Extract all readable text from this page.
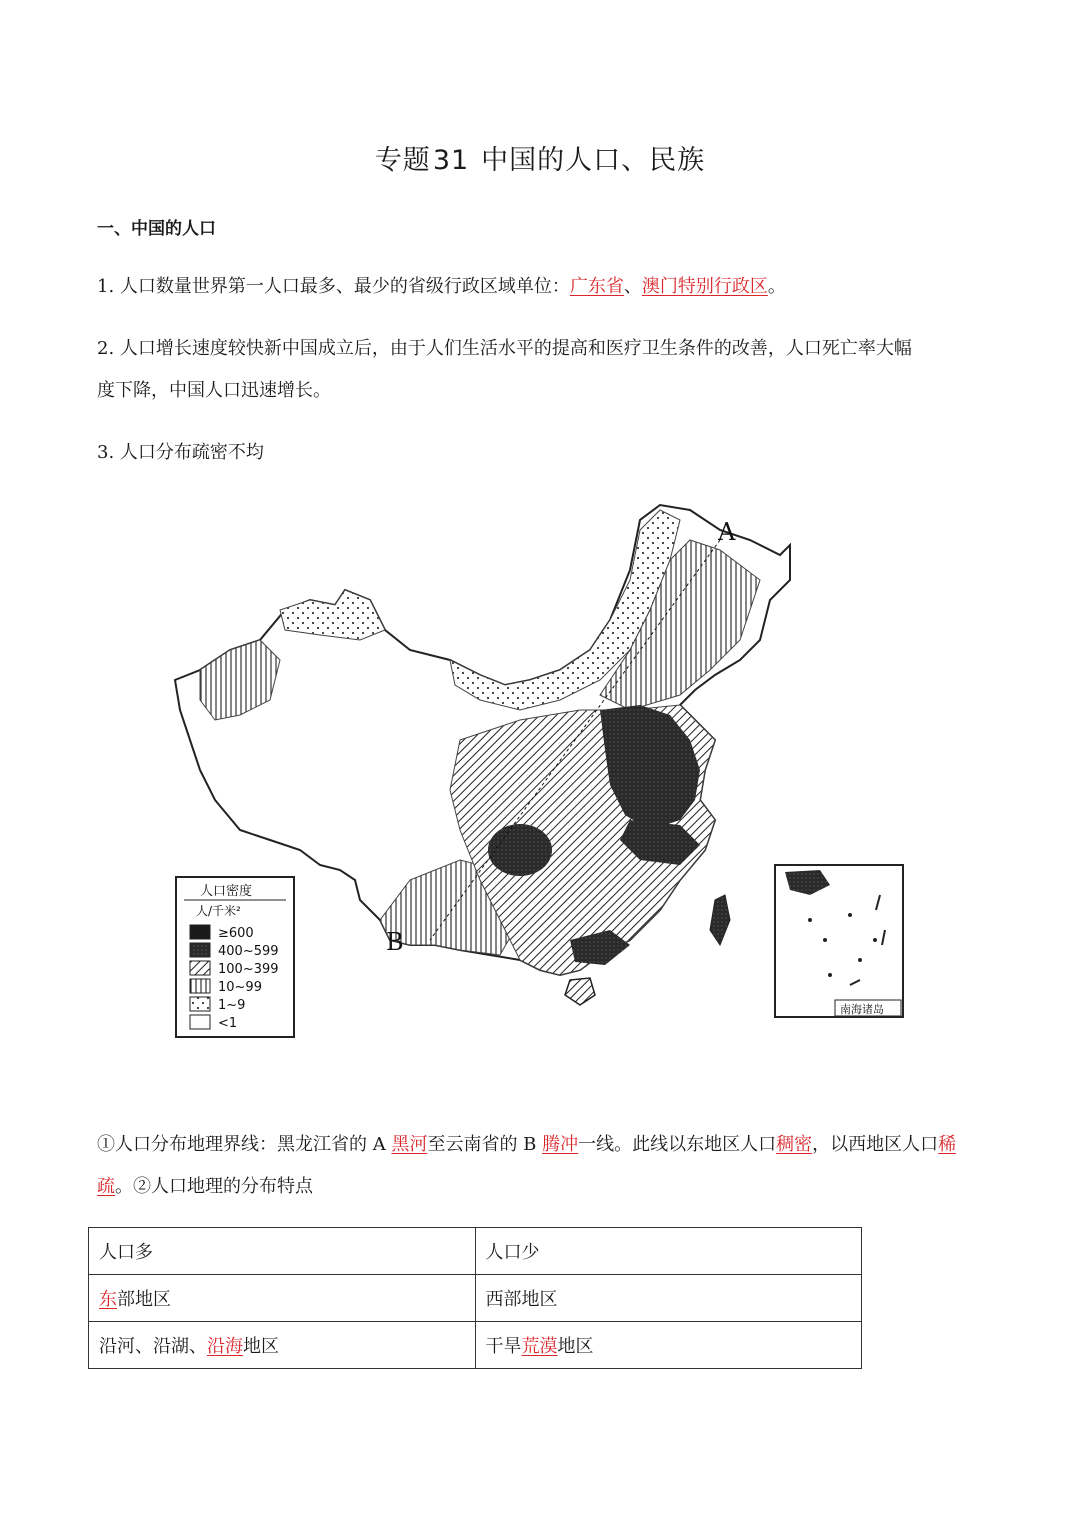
专题31 中国的人口、民族
一、中国的人口
1. 人口数量世界第一人口最多、最少的省级行政区域单位：广东省、澳门特别行政区。
2. 人口增长速度较快新中国成立后，由于人们生活水平的提高和医疗卫生条件的改善，人口死亡率大幅
度下降，中国人口迅速增长。
3. 人口分布疏密不均
A
B
人口密度
人/千米²
≥600
400~599
100~399
10~99
1~9
<1
南海诸岛
①人口分布地理界线：黑龙江省的 A 黑河至云南省的 B 腾冲一线。此线以东地区人口稠密，以西地区人口稀疏。②人口地理的分布特点
人口多	人口少
东部地区	西部地区
沿河、沿湖、沿海地区	干旱荒漠地区
